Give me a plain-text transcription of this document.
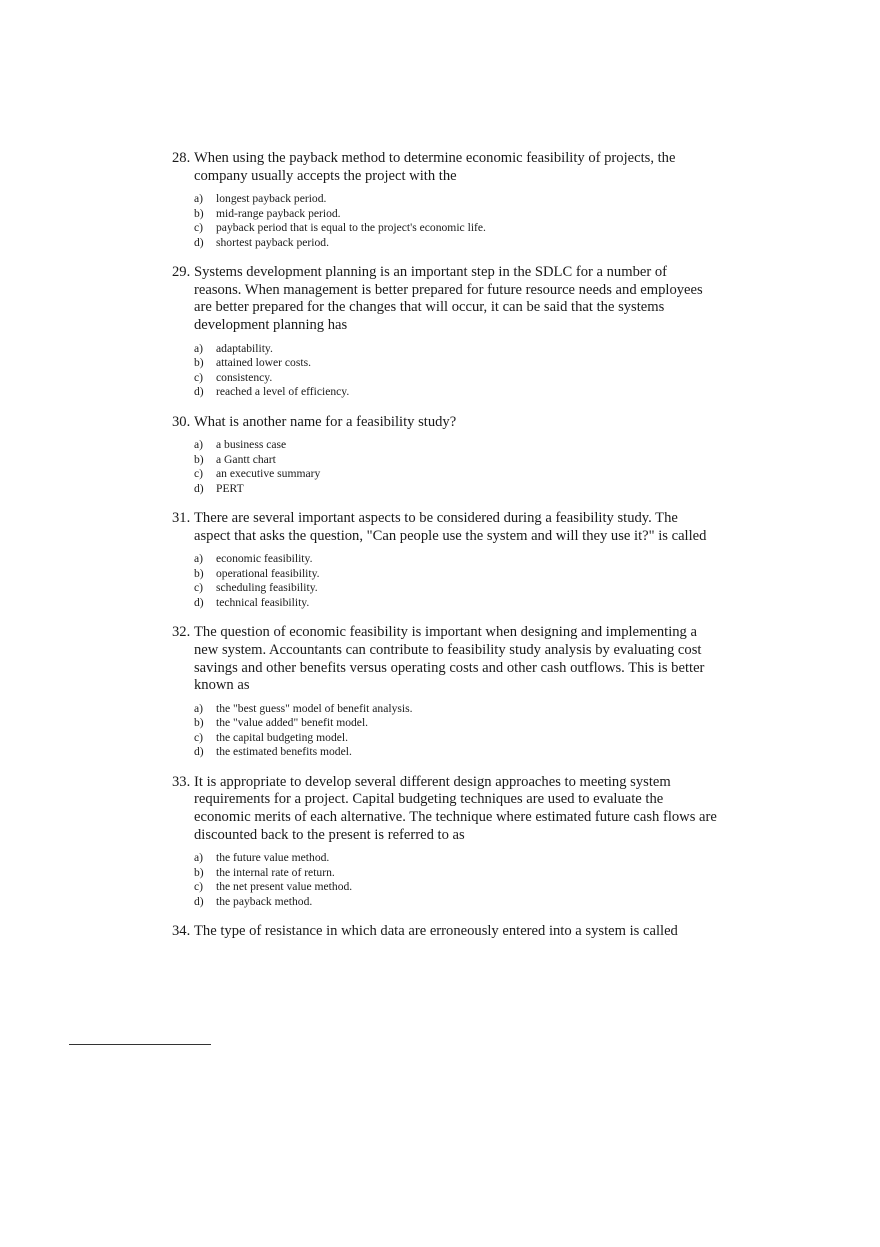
28. When using the payback method to determine economic feasibility of projects, the company usually accepts the project with the
a)	longest payback period.
b)	mid-range payback period.
c)	payback period that is equal to the project's economic life.
d)	shortest payback period.
29. Systems development planning is an important step in the SDLC for a number of reasons. When management is better prepared for future resource needs and employees are better prepared for the changes that will occur, it can be said that the systems development planning has
a)	adaptability.
b)	attained lower costs.
c)	consistency.
d)	reached a level of efficiency.
30. What is another name for a feasibility study?
a)	a business case
b)	a Gantt chart
c)	an executive summary
d)	PERT
31. There are several important aspects to be considered during a feasibility study. The aspect that asks the question, "Can people use the system and will they use it?" is called
a)	economic feasibility.
b)	operational feasibility.
c)	scheduling feasibility.
d)	technical feasibility.
32. The question of economic feasibility is important when designing and implementing a new system. Accountants can contribute to feasibility study analysis by evaluating cost savings and other benefits versus operating costs and other cash outflows. This is better known as
a)	the "best guess" model of benefit analysis.
b)	the "value added" benefit model.
c)	the capital budgeting model.
d)	the estimated benefits model.
33. It is appropriate to develop several different design approaches to meeting system requirements for a project. Capital budgeting techniques are used to evaluate the economic merits of each alternative. The technique where estimated future cash flows are discounted back to the present is referred to as
a)	the future value method.
b)	the internal rate of return.
c)	the net present value method.
d)	the payback method.
34. The type of resistance in which data are erroneously entered into a system is called
